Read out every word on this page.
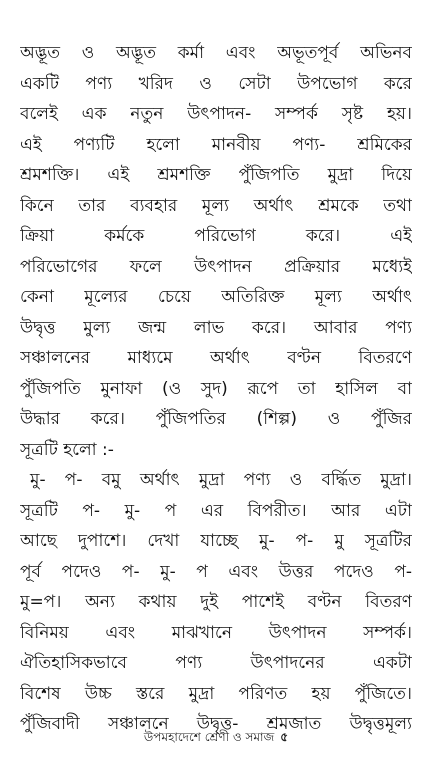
অদ্ভূত ও অদ্ভূত কর্মা এবং অভূতপূর্ব অভিনব
একটি পণ্য খরিদ ও সেটা উপভোগ করে
বলেই এক নতুন উৎপাদন- সম্পর্ক সৃষ্ট হয়।
এই পণ্যটি হলো মানবীয় পণ্য- শ্রমিকের
শ্রমশক্তি। এই শ্রমশক্তি পুঁজিপতি মুদ্রা দিয়ে
কিনে তার ব্যবহার মূল্য অর্থাৎ শ্রমকে তথা
ক্রিয়া কর্মকে পরিভোগ করে। এই
পরিভোগের ফলে উৎপাদন প্রক্রিয়ার মধ্যেই
কেনা মূল্যের চেয়ে অতিরিক্ত মূল্য অর্থাৎ
উদ্বৃত্ত মুল্য জন্ম লাভ করে। আবার পণ্য
সঞ্চালনের মাধ্যমে অর্থাৎ বণ্টন বিতরণে
পুঁজিপতি মুনাফা (ও সুদ) রূপে তা হাসিল বা
উদ্ধার করে। পুঁজিপতির (শিল্প) ও পুঁজির
সূত্রটি হলো :-
মু- প- বমু অর্থাৎ মুদ্রা পণ্য ও বর্দ্ধিত মুদ্রা।
সূত্রটি প- মু- প এর বিপরীত। আর এটা
আছে দুপাশে। দেখা যাচ্ছে মু- প- মু সূত্রটির
পূর্ব পদেও প- মু- প এবং উত্তর পদেও প-
মু=প। অন্য কথায় দুই পাশেই বণ্টন বিতরণ
বিনিময় এবং মাঝখানে উৎপাদন সম্পর্ক।
ঐতিহাসিকভাবে পণ্য উৎপাদনের একটা
বিশেষ উচ্চ স্তরে মুদ্রা পরিণত হয় পুঁজিতে।
পুঁজিবাদী সঞ্চালনে উদ্বৃত্ত- শ্রমজাত উদ্বৃত্তমূল্য
উপমহাদেশে শ্রেণী ও সমাজ ৫
